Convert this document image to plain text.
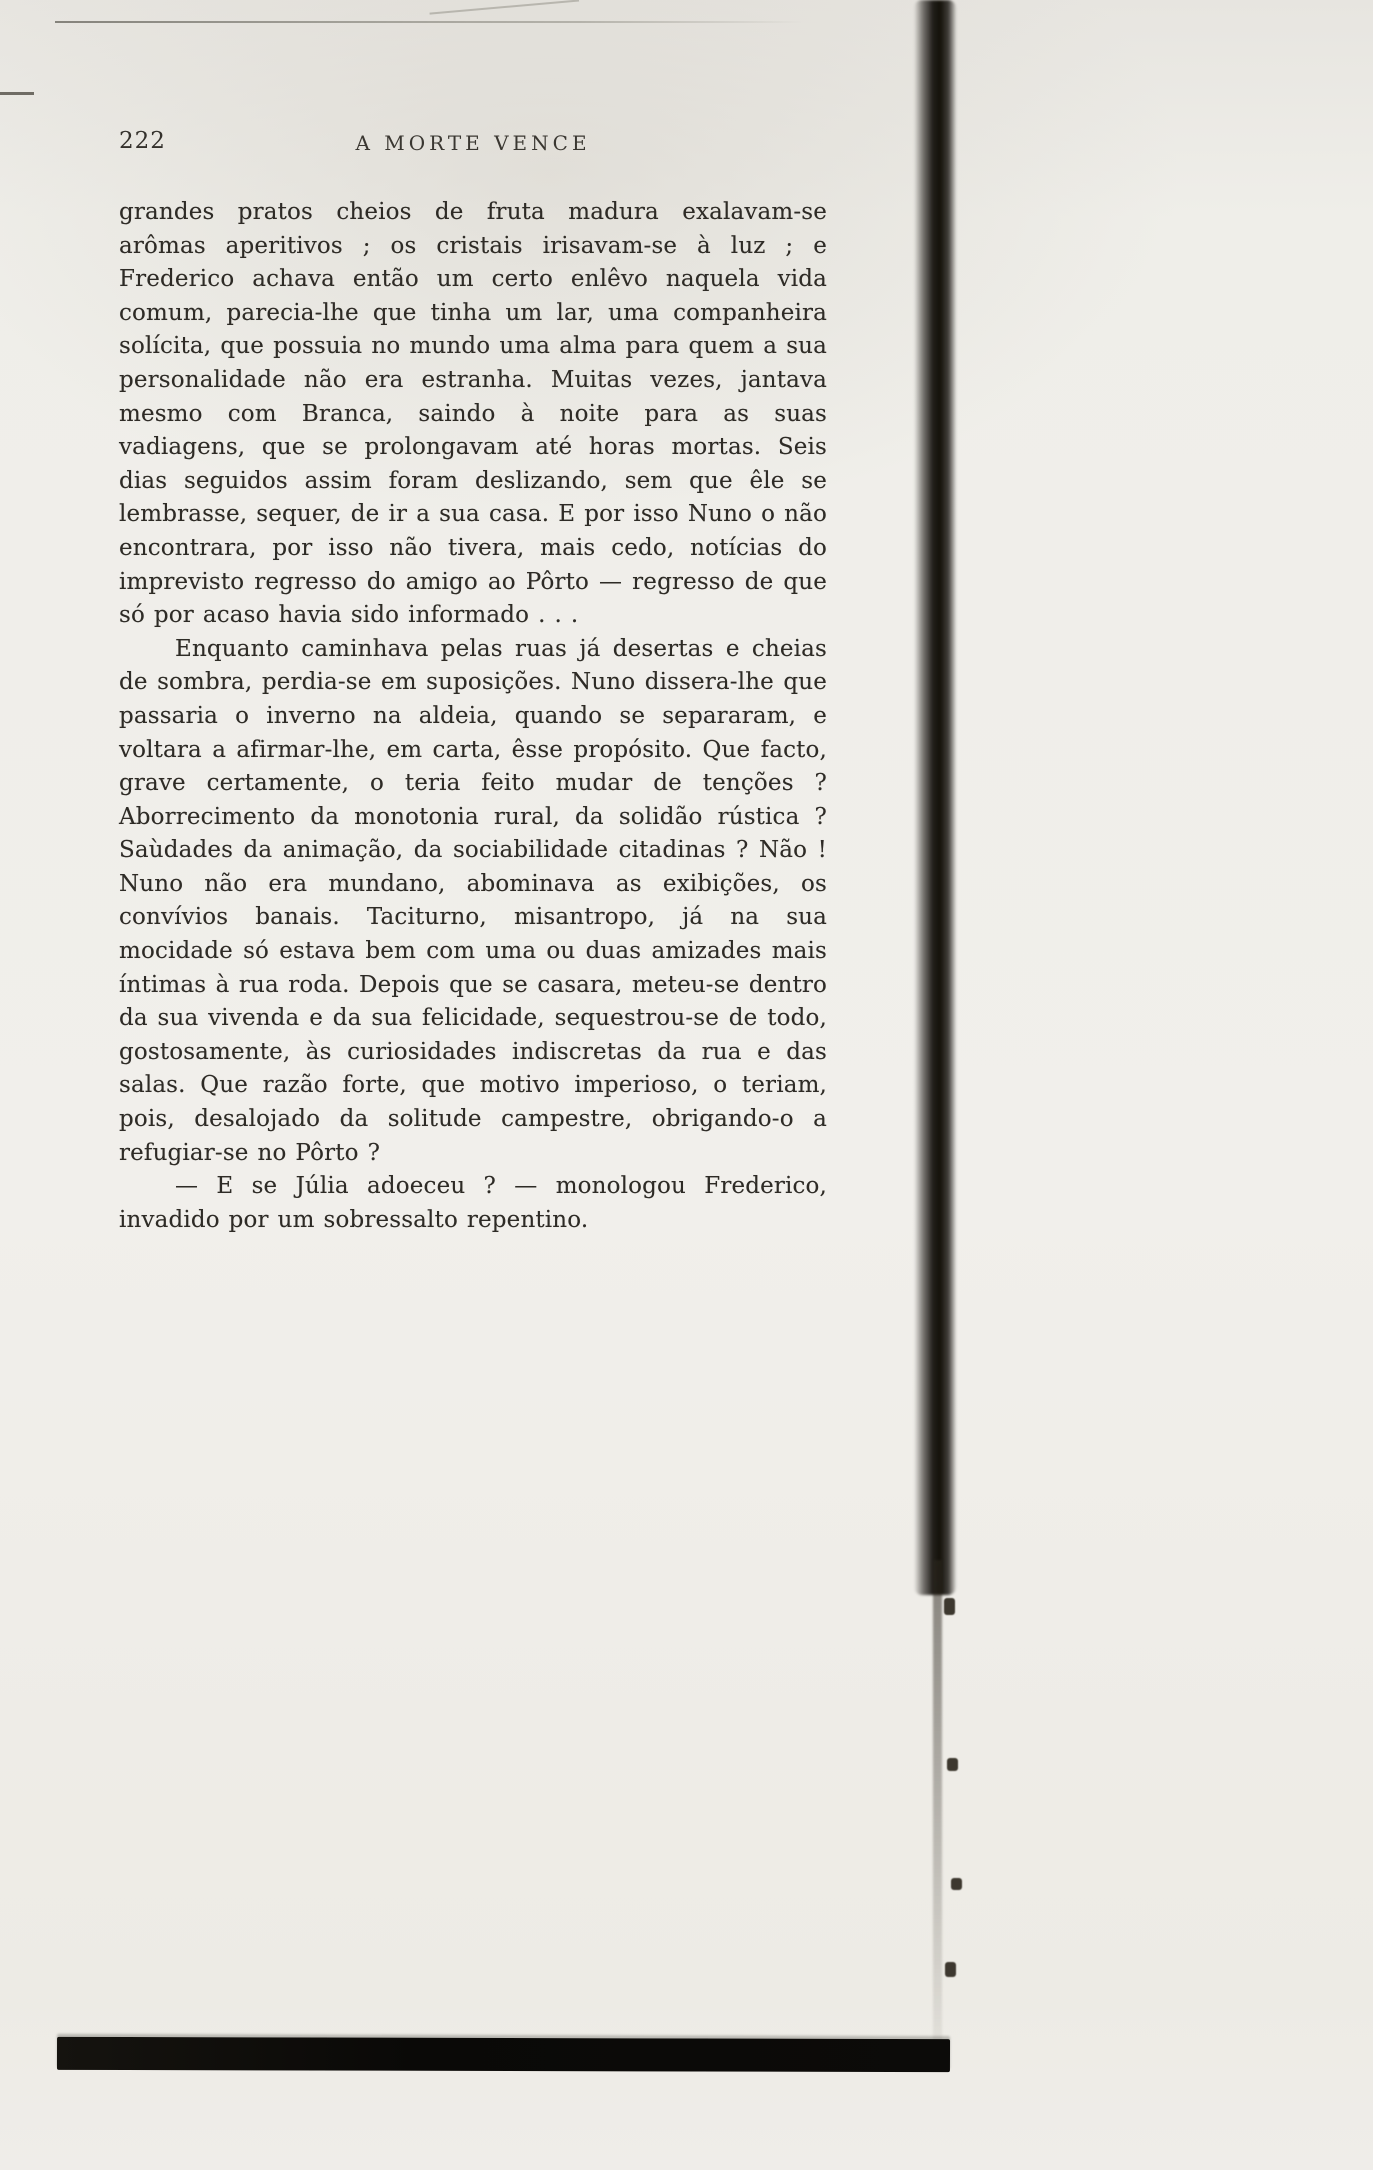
222	A MORTE VENCE

grandes pratos cheios de fruta madura exalavam-se arômas aperitivos ; os cristais irisavam-se à luz ; e Frederico achava então um certo enlêvo naquela vida comum, parecia-lhe que tinha um lar, uma companheira solícita, que possuia no mundo uma alma para quem a sua personalidade não era estranha. Muitas vezes, jantava mesmo com Branca, saindo à noite para as suas vadiagens, que se prolongavam até horas mortas. Seis dias seguidos assim foram deslizando, sem que êle se lembrasse, sequer, de ir a sua casa. E por isso Nuno o não encontrara, por isso não tivera, mais cedo, notícias do imprevisto regresso do amigo ao Pôrto — regresso de que só por acaso havia sido informado . . .

Enquanto caminhava pelas ruas já desertas e cheias de sombra, perdia-se em suposições. Nuno dissera-lhe que passaria o inverno na aldeia, quando se separaram, e voltara a afirmar-lhe, em carta, êsse propósito. Que facto, grave certamente, o teria feito mudar de tenções ? Aborrecimento da monotonia rural, da solidão rústica ? Saùdades da animação, da sociabilidade citadinas ? Não ! Nuno não era mundano, abominava as exibições, os convívios banais. Taciturno, misantropo, já na sua mocidade só estava bem com uma ou duas amizades mais íntimas à rua roda. Depois que se casara, meteu-se dentro da sua vivenda e da sua felicidade, sequestrou-se de todo, gostosamente, às curiosidades indiscretas da rua e das salas. Que razão forte, que motivo imperioso, o teriam, pois, desalojado da solitude campestre, obrigando-o a refugiar-se no Pôrto ?

— E se Júlia adoeceu ? — monologou Frederico, invadido por um sobressalto repentino.
